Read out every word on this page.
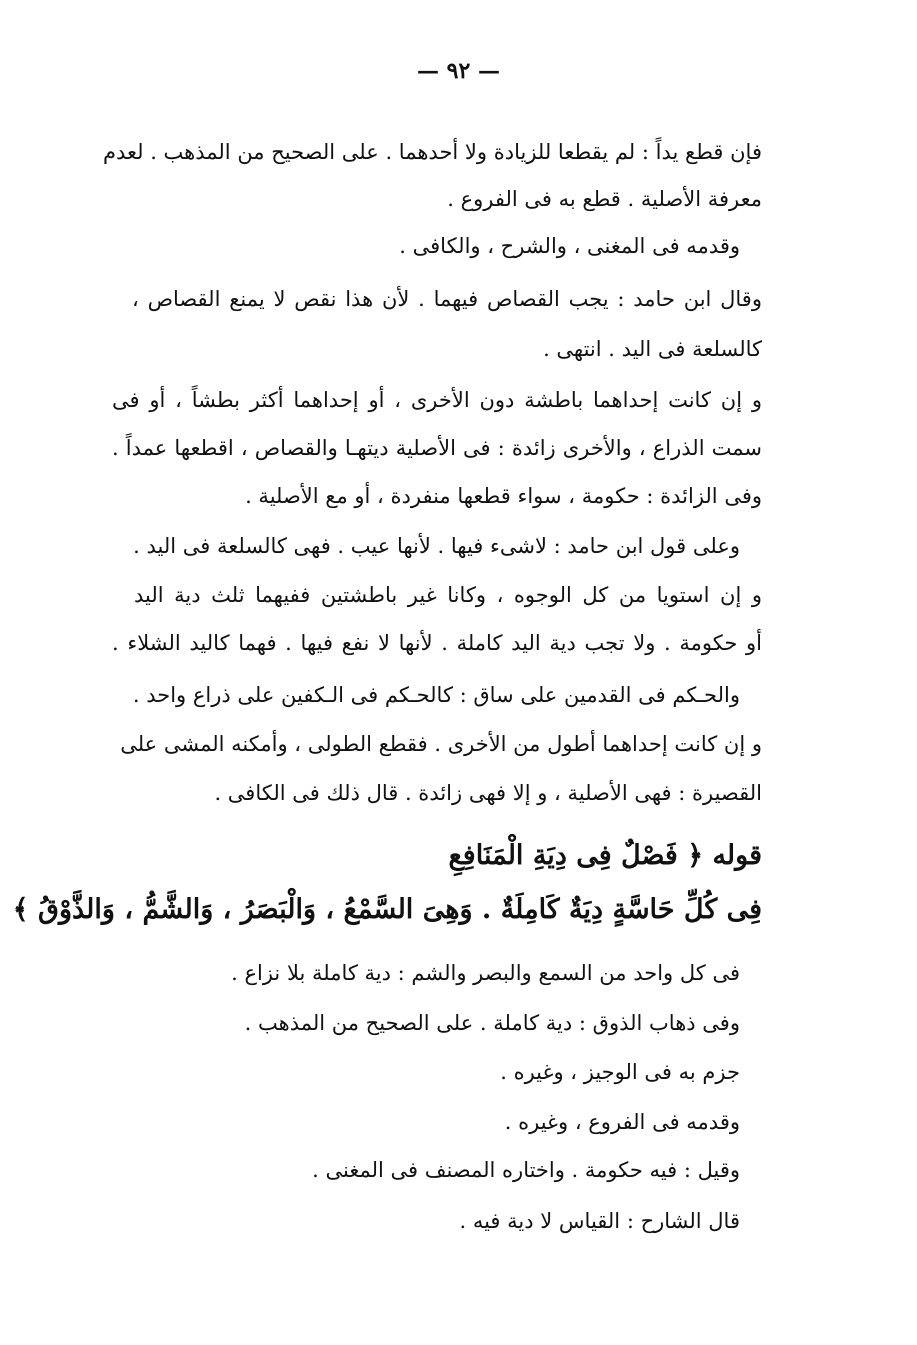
— ٩٢ —
فإن قطع يداً : لم يقطعا للزيادة ولا أحدهما . على الصحيح من المذهب . لعدم
معرفة الأصلية . قطع به فى الفروع .
وقدمه فى المغنى ، والشرح ، والكافى .
وقال ابن حامد : يجب القصاص فيهما . لأن هذا نقص لا يمنع القصاص ،
كالسلعة فى اليد . انتهى .
و إن كانت إحداهما باطشة دون الأخرى ، أو إحداهما أكثر بطشاً ، أو فى
سمت الذراع ، والأخرى زائدة : فى الأصلية ديتهـا والقصاص ، اقطعها عمداً .
وفى الزائدة : حكومة ، سواء قطعها منفردة ، أو مع الأصلية .
وعلى قول ابن حامد : لاشىء فيها . لأنها عيب . فهى كالسلعة فى اليد .
و إن استويا من كل الوجوه ، وكانا غير باطشتين ففيهما ثلث دية اليد
أو حكومة . ولا تجب دية اليد كاملة . لأنها لا نفع فيها . فهما كاليد الشلاء .
والحـكم فى القدمين على ساق : كالحـكم فى الـكفين على ذراع واحد .
و إن كانت إحداهما أطول من الأخرى . فقطع الطولى ، وأمكنه المشى على
القصيرة : فهى الأصلية ، و إلا فهى زائدة . قال ذلك فى الكافى .
قوله ﴿ فَصْلٌ فِى دِيَةِ الْمَنَافِعِ
فِى كُلِّ حَاسَّةٍ دِيَةٌ كَامِلَةٌ . وَهِىَ السَّمْعُ ، وَالْبَصَرُ ، وَالشَّمُّ ، وَالذَّوْقُ ﴾
فى كل واحد من السمع والبصر والشم : دية كاملة بلا نزاع .
وفى ذهاب الذوق : دية كاملة . على الصحيح من المذهب .
جزم به فى الوجيز ، وغيره .
وقدمه فى الفروع ، وغيره .
وقيل : فيه حكومة . واختاره المصنف فى المغنى .
قال الشارح : القياس لا دية فيه .
